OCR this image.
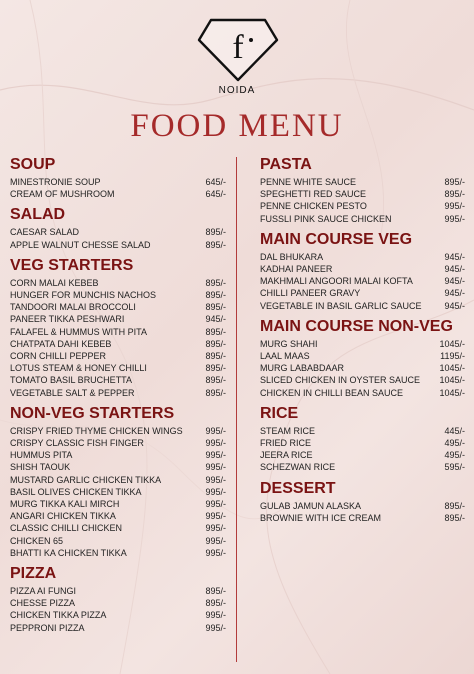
f
NOIDA
FOOD MENU
SOUP
MINESTRONIE SOUP	645/-
CREAM OF MUSHROOM	645/-
SALAD
CAESAR SALAD	895/-
APPLE WALNUT CHESSE SALAD	895/-
VEG STARTERS
CORN MALAI KEBEB	895/-
HUNGER FOR MUNCHIS NACHOS	895/-
TANDOORI MALAI BROCCOLI	895/-
PANEER TIKKA PESHWARI	945/-
FALAFEL & HUMMUS WITH PITA	895/-
CHATPATA DAHI KEBEB	895/-
CORN CHILLI PEPPER	895/-
LOTUS STEAM & HONEY CHILLI	895/-
TOMATO BASIL BRUCHETTA	895/-
VEGETABLE SALT & PEPPER	895/-
NON-VEG STARTERS
CRISPY FRIED THYME CHICKEN WINGS	995/-
CRISPY CLASSIC FISH FINGER	995/-
HUMMUS PITA	995/-
SHISH TAOUK	995/-
MUSTARD GARLIC CHICKEN TIKKA	995/-
BASIL OLIVES CHICKEN TIKKA	995/-
MURG TIKKA KALI MIRCH	995/-
ANGARI CHICKEN TIKKA	995/-
CLASSIC CHILLI CHICKEN	995/-
CHICKEN 65	995/-
BHATTI KA CHICKEN TIKKA	995/-
PIZZA
PIZZA AI FUNGI	895/-
CHESSE PIZZA	895/-
CHICKEN TIKKA PIZZA	995/-
PEPPRONI PIZZA	995/-
PASTA
PENNE WHITE SAUCE	895/-
SPEGHETTI RED SAUCE	895/-
PENNE CHICKEN PESTO	995/-
FUSSLI PINK SAUCE CHICKEN	995/-
MAIN COURSE VEG
DAL BHUKARA	945/-
KADHAI PANEER	945/-
MAKHMALI ANGOORI MALAI KOFTA	945/-
CHILLI PANEER GRAVY	945/-
VEGETABLE IN BASIL GARLIC SAUCE	945/-
MAIN COURSE NON-VEG
MURG SHAHI	1045/-
LAAL MAAS	1195/-
MURG LABABDAAR	1045/-
SLICED CHICKEN IN OYSTER SAUCE 1045/-
CHICKEN IN CHILLI BEAN SAUCE	1045/-
RICE
STEAM RICE	445/-
FRIED RICE	495/-
JEERA RICE	495/-
SCHEZWAN RICE	595/-
DESSERT
GULAB JAMUN ALASKA	895/-
BROWNIE WITH ICE CREAM	895/-
